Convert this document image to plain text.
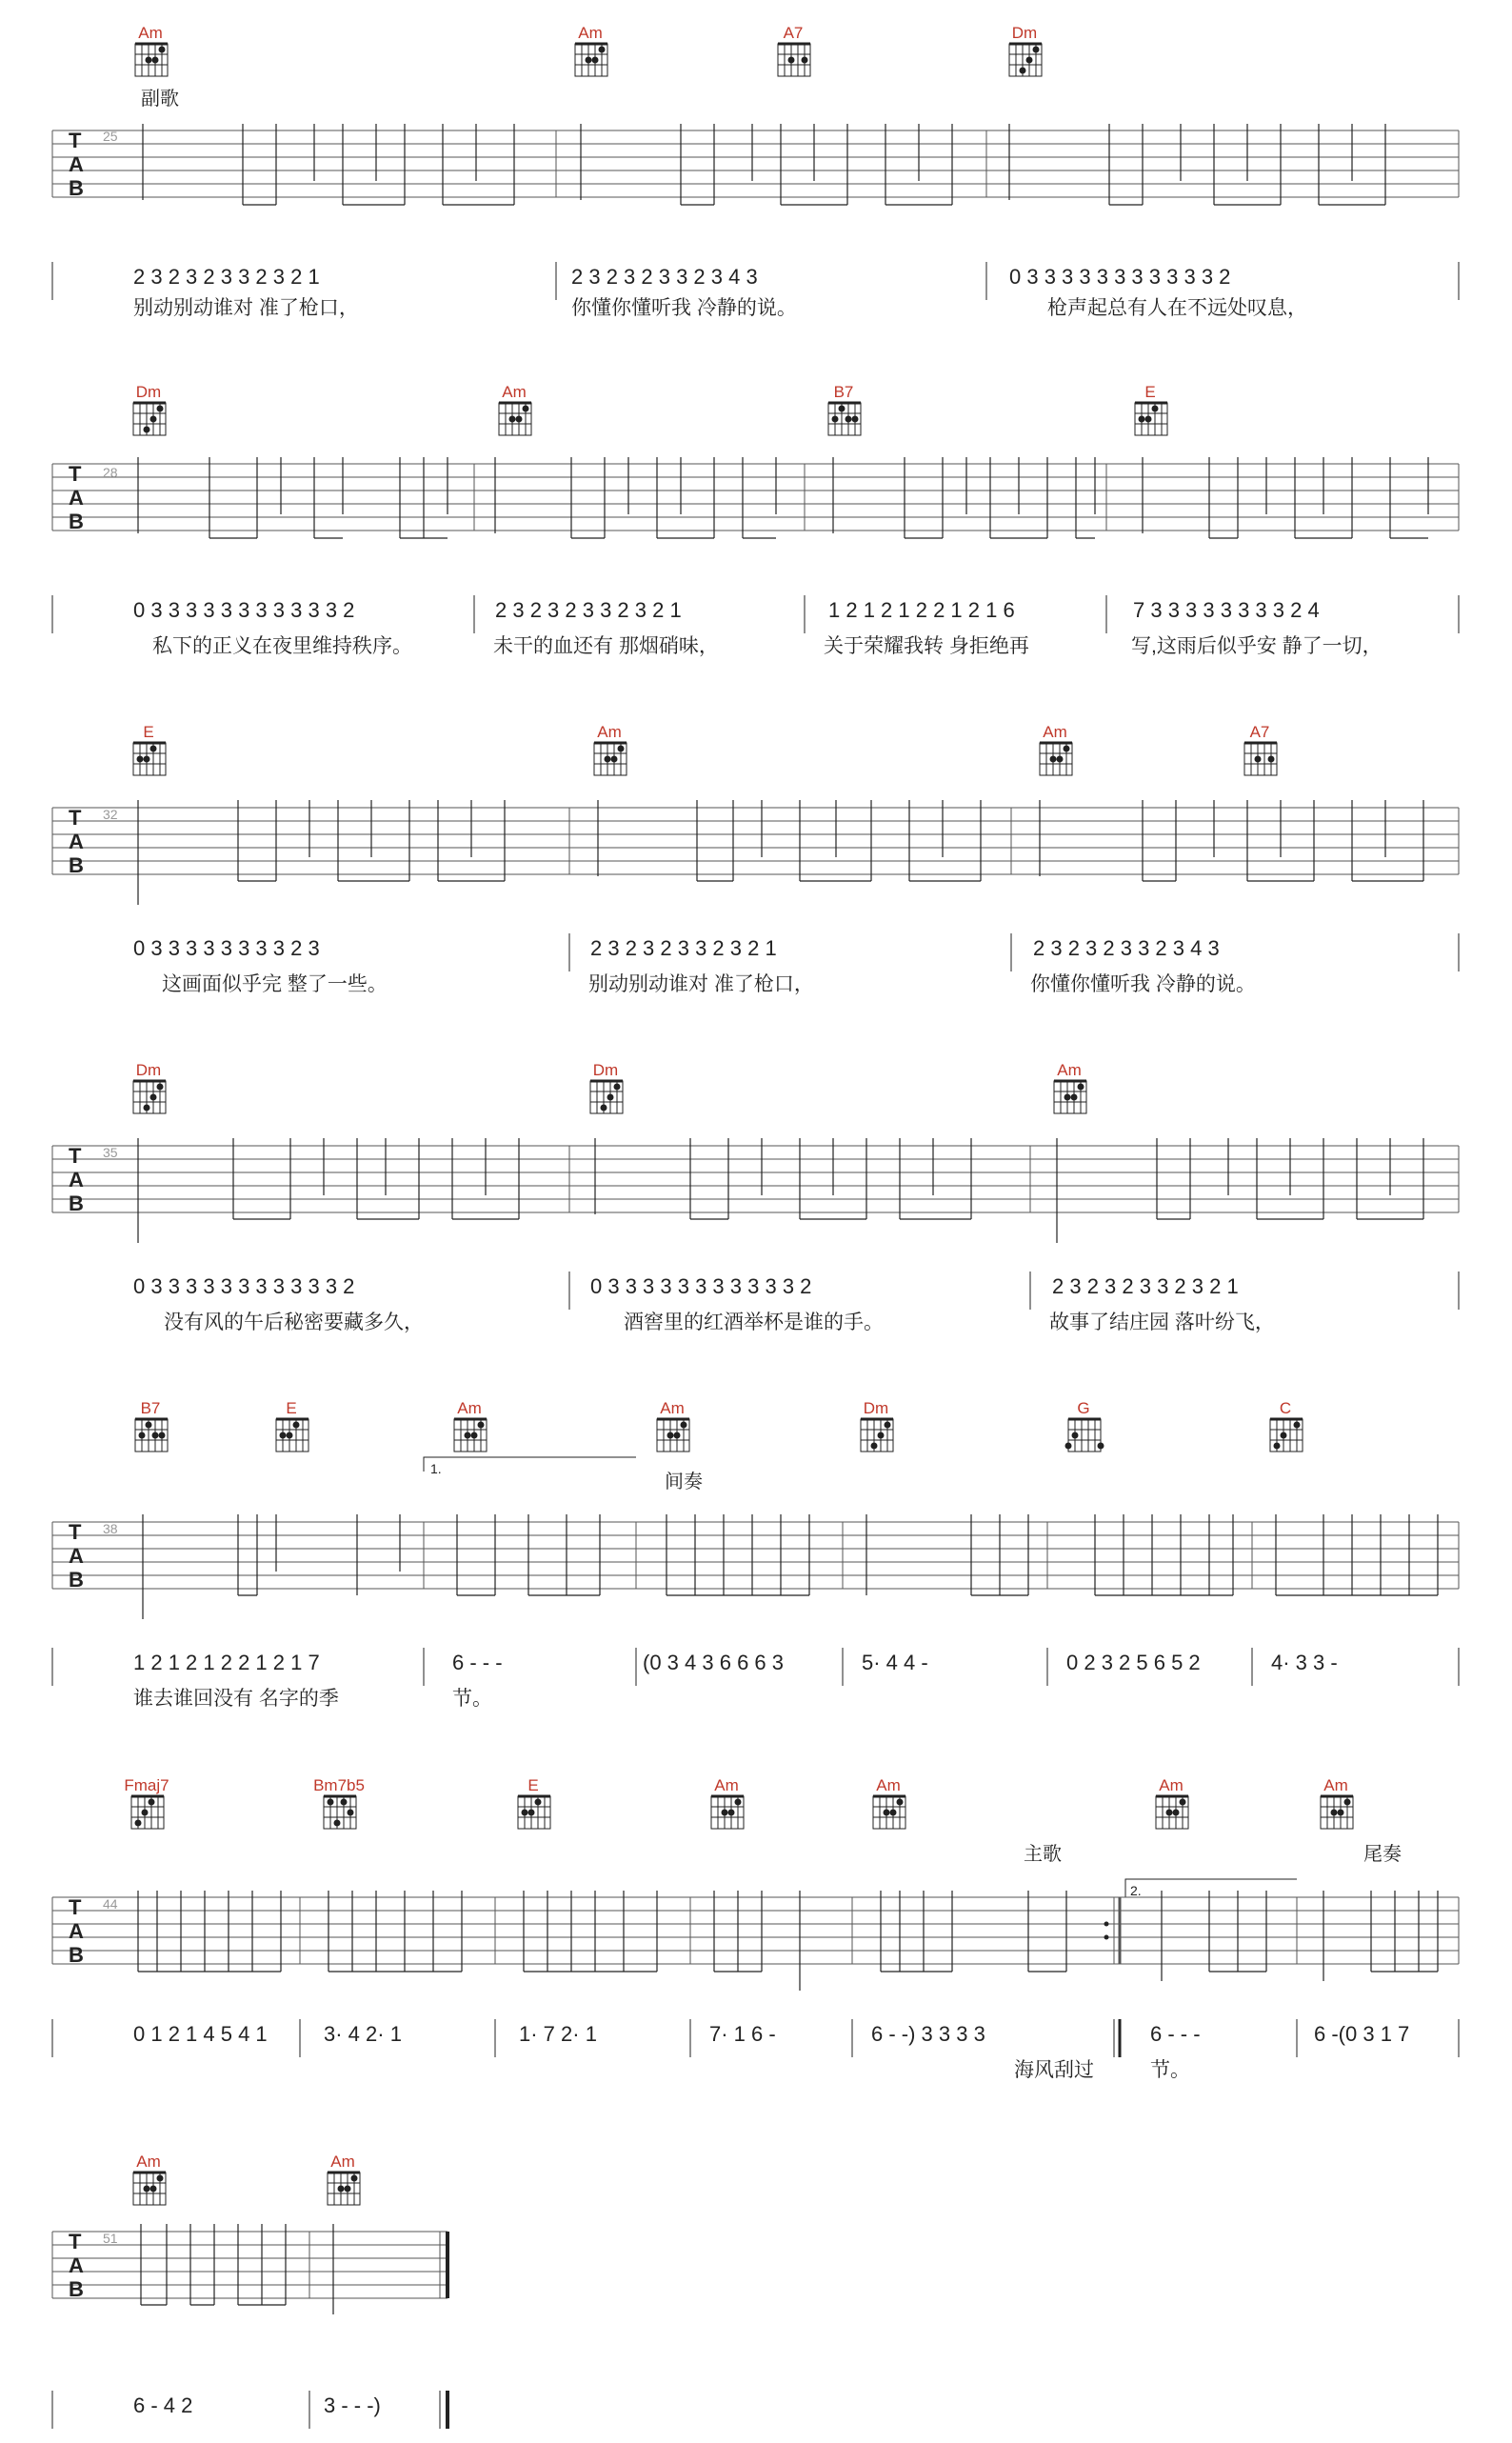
Am	Am	A7	Dm
副歌
T
A
B
25
2 3 2 3 2 3 3 2 3 2 1
别动别动谁对 准了枪口，
2 3 2 3 2 3 3 2 3 4 3
你懂你懂听我 冷静的说。
0 3 3 3 3 3 3 3 3 3 3 3 2
枪声起总有人在不远处叹息，
Dm	Am	B7	E
T
A
B
28
0 3 3 3 3 3 3 3 3 3 3 3 2
私下的正义在夜里维持秩序。
2 3 2 3 2 3 3 2 3 2 1
未干的血还有 那烟硝味，
1 2 1 2 1 2 2 1 2 1 6
关于荣耀我转 身拒绝再
7 3 3 3 3 3 3 3 3 2 4
写,这雨后似乎安 静了一切，
E	Am	Am	A7
T
A
B
32
0 3 3 3 3 3 3 3 3 2 3
这画面似乎完 整了一些。
2 3 2 3 2 3 3 2 3 2 1
别动别动谁对 准了枪口，
2 3 2 3 2 3 3 2 3 4 3
你懂你懂听我 冷静的说。
Dm	Dm	Am
T
A
B
35
0 3 3 3 3 3 3 3 3 3 3 3 2
没有风的午后秘密要藏多久，
0 3 3 3 3 3 3 3 3 3 3 3 2
酒窖里的红酒举杯是谁的手。
2 3 2 3 2 3 3 2 3 2 1
故事了结庄园 落叶纷飞，
B7	E	Am	Am	Dm	G	C
1.
间奏
T
A
B
38
1 2 1 2 1 2 2 1 2 1 7
谁去谁回没有 名字的季
6 - - -
节。
(0 3 4 3 6 6 6 3	5· 4 4 -	0 2 3 2 5 6 5 2	4· 3 3 -
Fmaj7	Bm7b5	E	Am	Am	Am	Am
主歌	尾奏
2.
T
A
B
44
0 1 2 1 4 5 4 1	3· 4 2· 1	1· 7 2· 1	7· 1 6 -	6 - -) 3 3 3 3
海风刮过
6 - - -
节。
6 -(0 3 1 7
Am	Am
T
A
B
51
6 - 4 2	3 - - -)
